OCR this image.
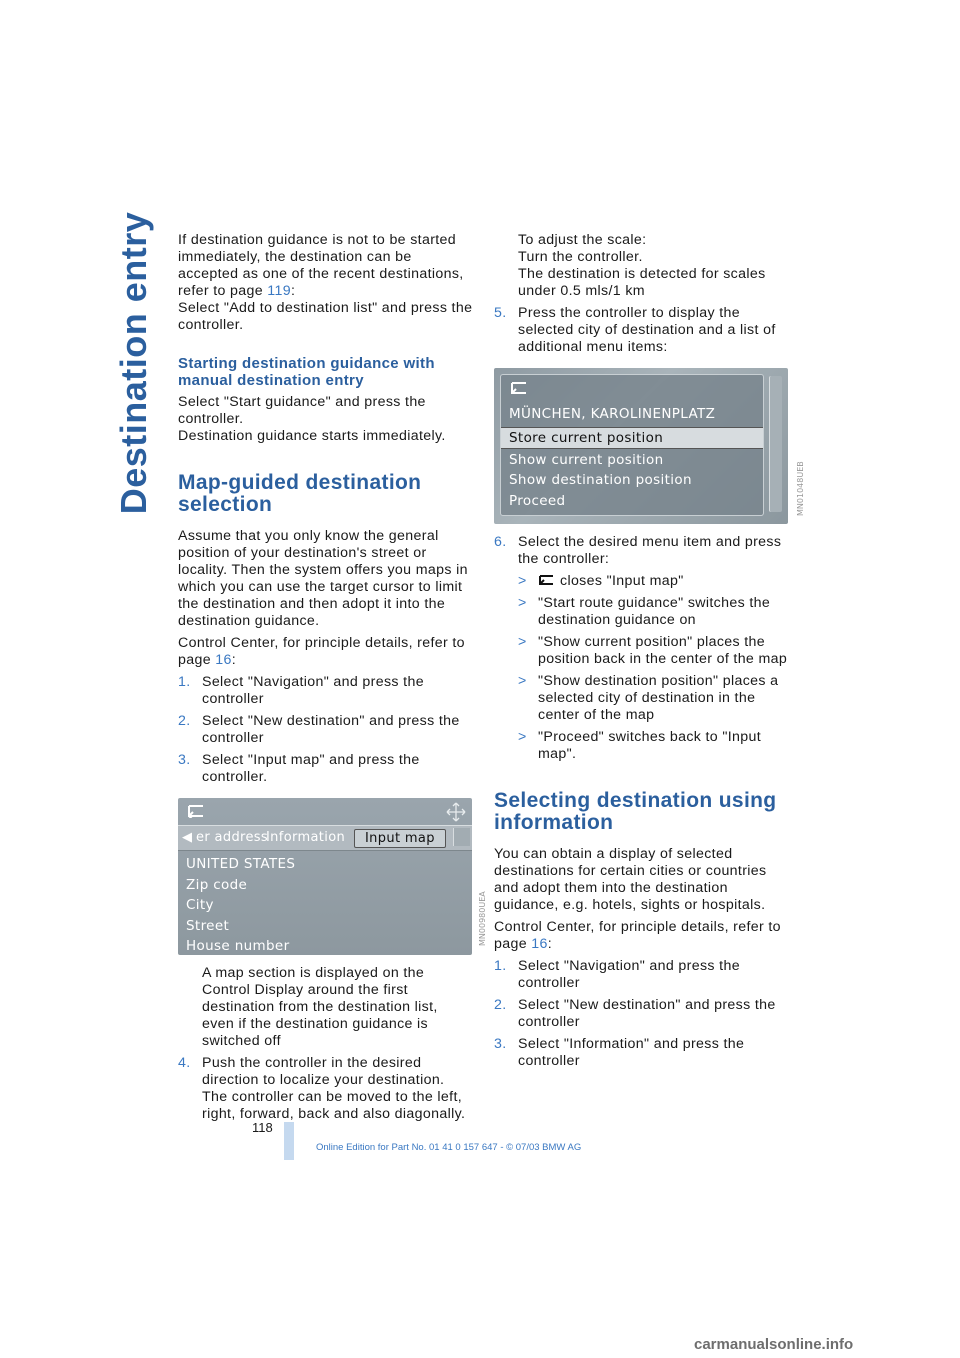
Destination entry If destination guidance is not to be started immediately, the destination can be accepted as one of the recent destinations, refer to page 119:
Select "Add to destination list" and press the controller.

Starting destination guidance with manual destination entry

Select "Start guidance" and press the controller.
Destination guidance starts immediately.

Map-guided destination selection

Assume that you only know the general position of your destination's street or locality. Then the system offers you maps in which you can use the target cursor to limit the destination and then adopt it into the destination guidance.

Control Center, for principle details, refer to page 16:

1. Select "Navigation" and press the controller
2. Select "New destination" and press the controller
3. Select "Input map" and press the controller.
◀ er address
Information	Input map
UNITED STATES
Zip code
City
Street
House number

A map section is displayed on the Control Display around the first destination from the destination list, even if the destination guidance is switched off

4. Push the controller in the desired direction to localize your destination.
The controller can be moved to the left, right, forward, back and also diagonally.
MN00980UEA

To adjust the scale:
Turn the controller.
The destination is detected for scales under 0.5 mls/1 km

5. Press the controller to display the selected city of destination and a list of additional menu items:
MÜNCHEN, KAROLINENPLATZ
Store current position
Show current position
Show destination position
Proceed
6. Select the desired menu item and press the controller:
> closes "Input map"
> "Start route guidance" switches the destination guidance on
> "Show current position" places the position back in the center of the map
> "Show destination position" places a selected city of destination in the center of the map
> "Proceed" switches back to "Input map".
Selecting destination using information

You can obtain a display of selected destinations for certain cities or countries and adopt them into the destination guidance, e.g. hotels, sights or hospitals.

Control Center, for principle details, refer to page 16:

1. Select "Navigation" and press the controller
2. Select "New destination" and press the controller
3. Select "Information" and press the controller
MN01048UEB
118
Online Edition for Part No. 01 41 0 157 647 - © 07/03 BMW AG
carmanualsonline.info
